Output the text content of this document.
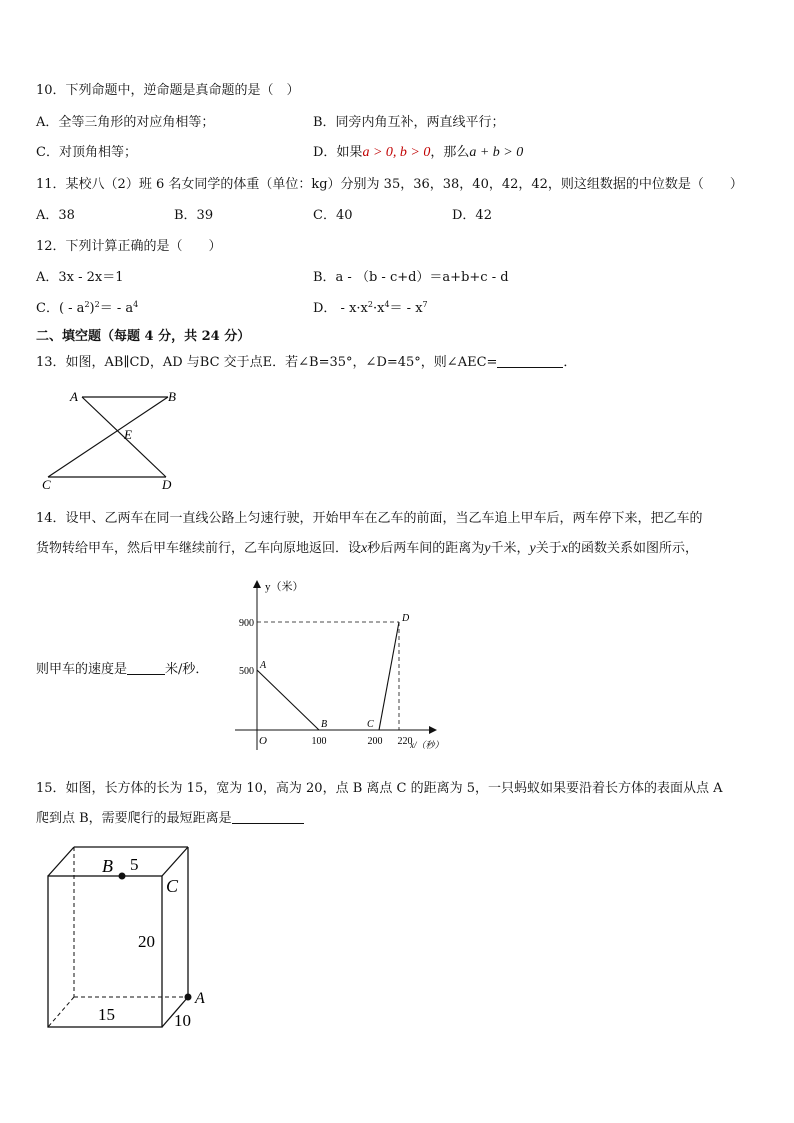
10．下列命题中，逆命题是真命题的是（　）
A．全等三角形的对应角相等；	B．同旁内角互补，两直线平行；
C．对顶角相等；	D．如果a > 0, b > 0，那么a + b > 0
11．某校八（2）班 6 名女同学的体重（单位：kg）分别为 35，36，38，40，42，42，则这组数据的中位数是（　　）
A．38	B．39	C．40	D．42
12．下列计算正确的是（　　）
A．3x - 2x＝1	B．a - （b - c+d）＝a+b+c - d
C．( - $a^2)^2= - a^4$	D． - $x\cdot x^2\cdot x^4= - x^7$
二、填空题（每题 4 分，共 24 分）
13．如图，AB∥CD，AD 与BC 交于点E．若∠B=35°，∠D=45°，则∠AEC=	．
A	B
E
C	D
14．设甲、乙两车在同一直线公路上匀速行驶，开始甲车在乙车的前面，当乙车追上甲车后，两车停下来，把乙车的
货物转给甲车，然后甲车继续前行，乙车向原地返回．设x秒后两车间的距离为y千米，y关于x的函数关系如图所示，
则甲车的速度是	米/秒．
y（米）
x/（秒）
O
900
500
100	200 220
A
B	C
D
15．如图，长方体的长为 15，宽为 10，高为 20，点 B 离点 C 的距离为 5，一只蚂蚁如果要沿着长方体的表面从点 A
爬到点 B，需要爬行的最短距离是
B 5
C
20
A
15	10
